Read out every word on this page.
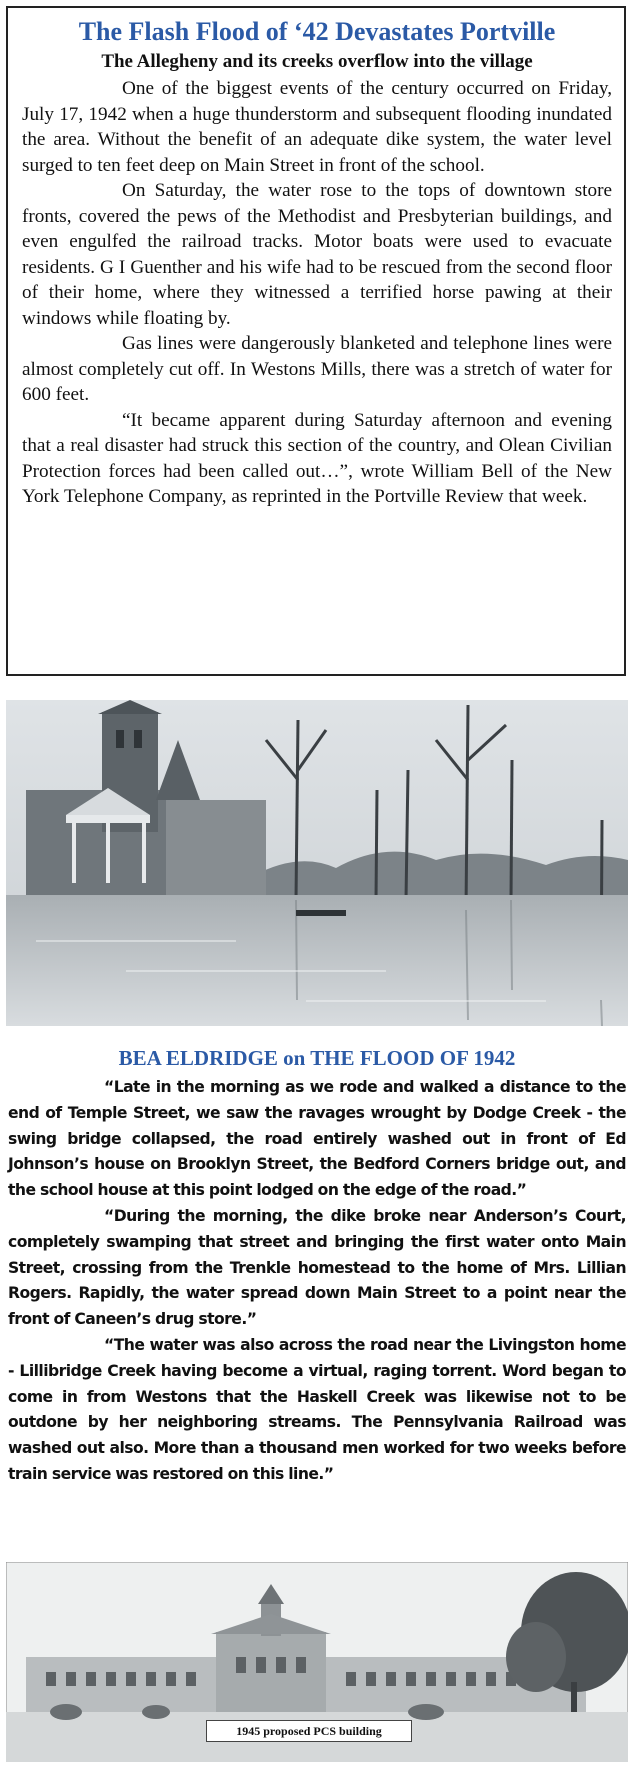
The Flash Flood of ‘42 Devastates Portville
The Allegheny and its creeks overflow into the village

One of the biggest events of the century occurred on Friday, July 17, 1942 when a huge thunderstorm and subsequent flooding inundated the area. Without the benefit of an adequate dike system, the water level surged to ten feet deep on Main Street in front of the school.

On Saturday, the water rose to the tops of downtown store fronts, covered the pews of the Methodist and Presbyterian buildings, and even engulfed the railroad tracks. Motor boats were used to evacuate residents. G I Guenther and his wife had to be rescued from the second floor of their home, where they witnessed a terrified horse pawing at their windows while floating by.

Gas lines were dangerously blanketed and telephone lines were almost completely cut off. In Westons Mills, there was a stretch of water for 600 feet.

“It became apparent during Saturday afternoon and evening that a real disaster had struck this section of the country, and Olean Civilian Protection forces had been called out…”, wrote William Bell of the New York Telephone Company, as reprinted in the Portville Review that week.

BEA ELDRIDGE on THE FLOOD OF 1942

“Late in the morning as we rode and walked a distance to the end of Temple Street, we saw the ravages wrought by Dodge Creek - the swing bridge collapsed, the road entirely washed out in front of Ed Johnson’s house on Brooklyn Street, the Bedford Corners bridge out, and the school house at this point lodged on the edge of the road.”

“During the morning, the dike broke near Anderson’s Court, completely swamping that street and bringing the first water onto Main Street, crossing from the Trenkle homestead to the home of Mrs. Lillian Rogers. Rapidly, the water spread down Main Street to a point near the front of Caneen’s drug store.”

“The water was also across the road near the Livingston home - Lillibridge Creek having become a virtual, raging torrent. Word began to come in from Westons that the Haskell Creek was likewise not to be outdone by her neighboring streams. The Pennsylvania Railroad was washed out also. More than a thousand men worked for two weeks before train service was restored on this line.”

1945 proposed PCS building
